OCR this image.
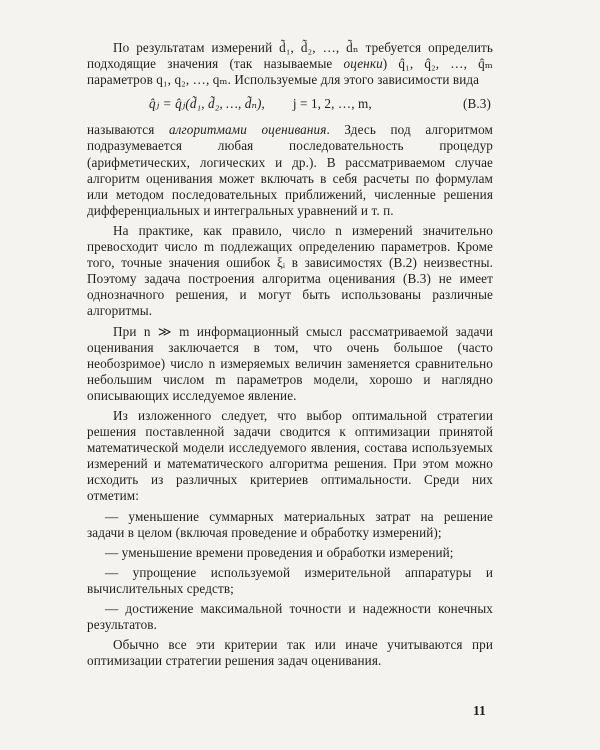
По результатам измерений d̃₁, d̃₂, …, d̃ₙ требуется определить подходящие значения (так называемые оценки) q̂₁, q̂₂, …, q̂ₘ параметров q₁, q₂, …, qₘ. Используемые для этого зависимости вида

q̂ⱼ = q̂ⱼ(d̃₁, d̃₂, …, d̃ₙ), j = 1, 2, …, m,	(В.3)

называются алгоритмами оценивания. Здесь под алгоритмом подразумевается любая последовательность процедур (арифметических, логических и др.). В рассматриваемом случае алгоритм оценивания может включать в себя расчеты по формулам или методом последовательных приближений, численные решения дифференциальных и интегральных уравнений и т. п.

На практике, как правило, число n измерений значительно превосходит число m подлежащих определению параметров. Кроме того, точные значения ошибок ξᵢ в зависимостях (В.2) неизвестны. Поэтому задача построения алгоритма оценивания (В.3) не имеет однозначного решения, и могут быть использованы различные алгоритмы.

При n ≫ m информационный смысл рассматриваемой задачи оценивания заключается в том, что очень большое (часто необозримое) число n измеряемых величин заменяется сравнительно небольшим числом m параметров модели, хорошо и наглядно описывающих исследуемое явление.

Из изложенного следует, что выбор оптимальной стратегии решения поставленной задачи сводится к оптимизации принятой математической модели исследуемого явления, состава используемых измерений и математического алгоритма решения. При этом можно исходить из различных критериев оптимальности. Среди них отметим:

— уменьшение суммарных материальных затрат на решение задачи в целом (включая проведение и обработку измерений);

— уменьшение времени проведения и обработки измерений;

— упрощение используемой измерительной аппаратуры и вычислительных средств;

— достижение максимальной точности и надежности конечных результатов.

Обычно все эти критерии так или иначе учитываются при оптимизации стратегии решения задач оценивания.

11
